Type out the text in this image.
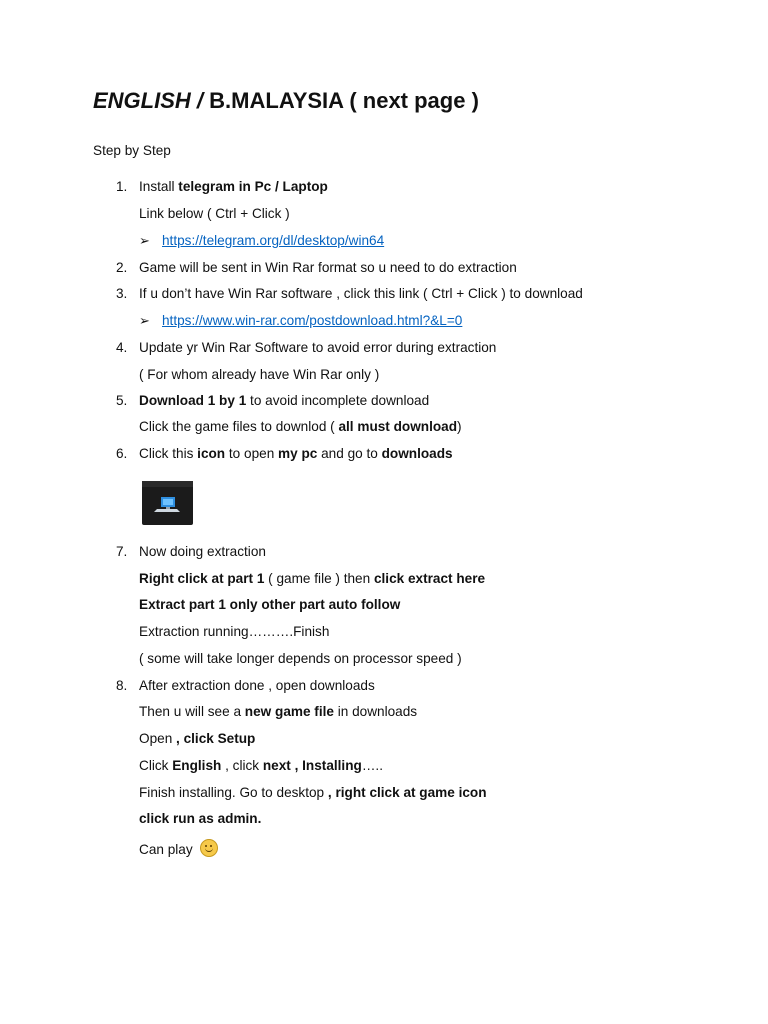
ENGLISH / B.MALAYSIA ( next page )
Step by Step
1. Install telegram in Pc / Laptop
Link below ( Ctrl + Click )
➢ https://telegram.org/dl/desktop/win64
2. Game will be sent in Win Rar format so u need to do extraction
3. If u don’t have Win Rar software , click this link ( Ctrl + Click ) to download
➢ https://www.win-rar.com/postdownload.html?&L=0
4. Update yr Win Rar Software to avoid error during extraction
( For whom already have Win Rar only )
5. Download 1 by 1 to avoid incomplete download
Click the game files to downlod ( all must download)
6. Click this icon to open my pc and go to downloads
7. Now doing extraction
Right click at part 1 ( game file ) then click extract here
Extract part 1 only other part auto follow
Extraction running……….Finish
( some will take longer depends on processor speed )
8. After extraction done , open downloads
Then u will see a new game file in downloads
Open , click Setup
Click English , click next , Installing…..
Finish installing. Go to desktop , right click at game icon
click run as admin.
Can play
